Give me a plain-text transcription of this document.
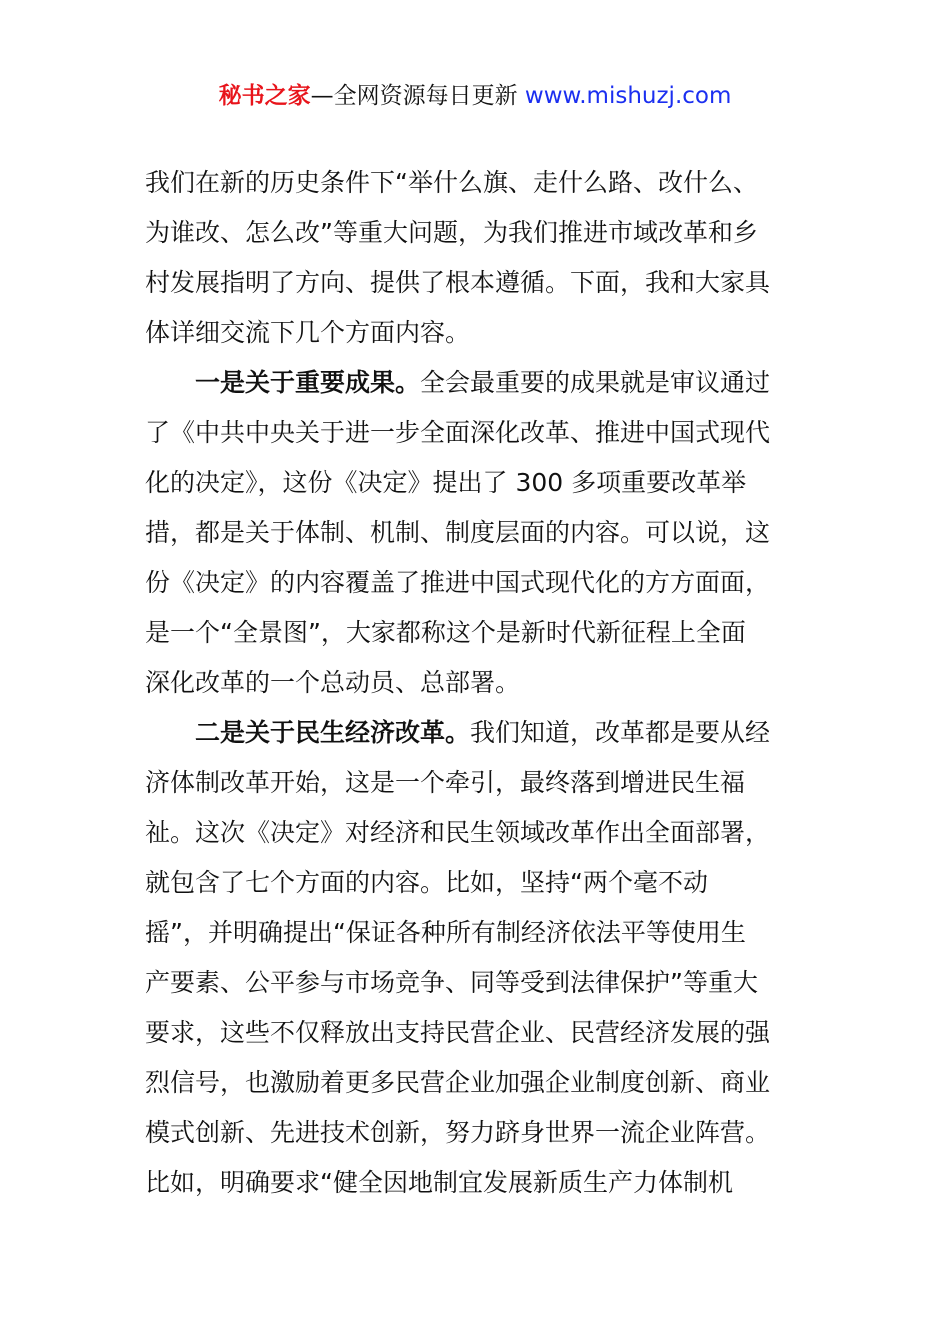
秘书之家—全网资源每日更新 www.mishuzj.com
我们在新的历史条件下“举什么旗、走什么路、改什么、
为谁改、怎么改”等重大问题，为我们推进市域改革和乡
村发展指明了方向、提供了根本遵循。下面，我和大家具
体详细交流下几个方面内容。
一是关于重要成果。全会最重要的成果就是审议通过
了《中共中央关于进一步全面深化改革、推进中国式现代
化的决定》，这份《决定》提出了 300 多项重要改革举
措，都是关于体制、机制、制度层面的内容。可以说，这
份《决定》的内容覆盖了推进中国式现代化的方方面面，
是一个“全景图”，大家都称这个是新时代新征程上全面
深化改革的一个总动员、总部署。
二是关于民生经济改革。我们知道，改革都是要从经
济体制改革开始，这是一个牵引，最终落到增进民生福
祉。这次《决定》对经济和民生领域改革作出全面部署，
就包含了七个方面的内容。比如，坚持“两个毫不动
摇”，并明确提出“保证各种所有制经济依法平等使用生
产要素、公平参与市场竞争、同等受到法律保护”等重大
要求，这些不仅释放出支持民营企业、民营经济发展的强
烈信号，也激励着更多民营企业加强企业制度创新、商业
模式创新、先进技术创新，努力跻身世界一流企业阵营。
比如，明确要求“健全因地制宜发展新质生产力体制机
